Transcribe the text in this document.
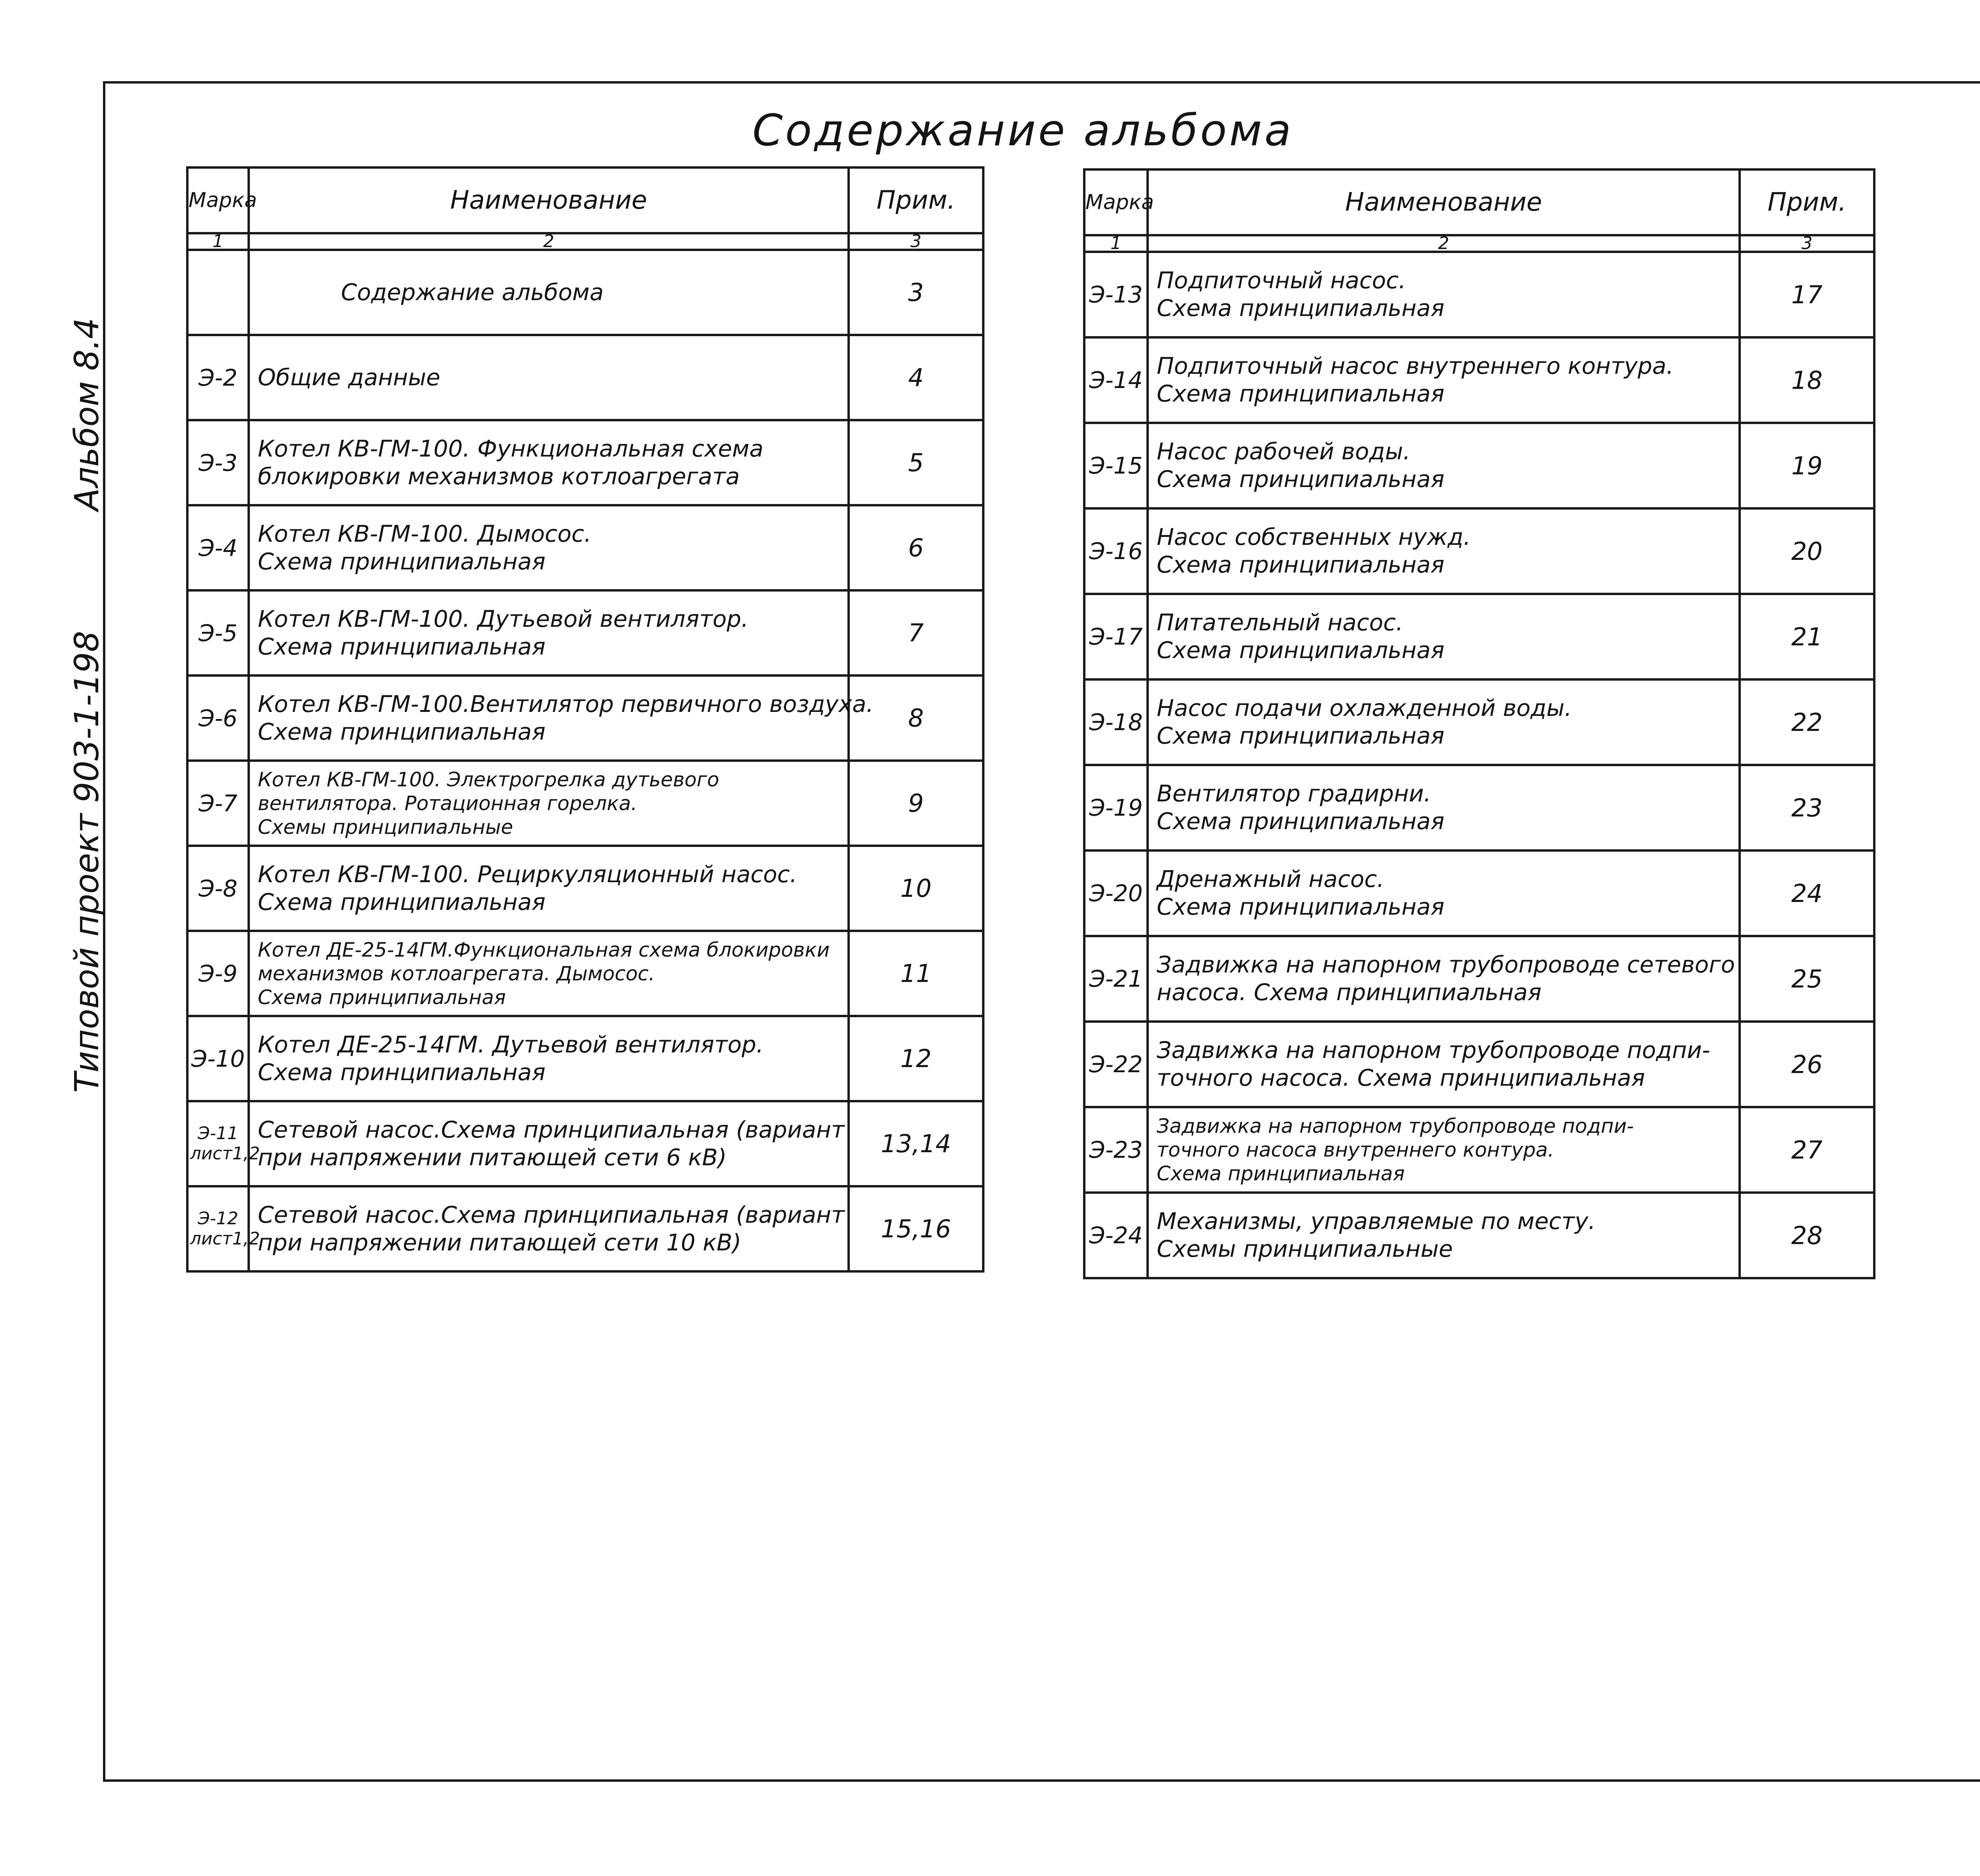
Альбом 8.4
Типовой проект 903-1-198
Содержание альбома
Марка	Наименование	Прим.
1	2	3

	Содержание альбома	3
Э-2	Общие данные	4
Э-3	Котел КВ-ГМ-100. Функциональная схема
блокировки механизмов котлоагрегата	5
Э-4	Котел КВ-ГМ-100. Дымосос.
Схема принципиальная	6
Э-5	Котел КВ-ГМ-100. Дутьевой вентилятор.
Схема принципиальная	7
Э-6	Котел КВ-ГМ-100.Вентилятор первичного воздуха.
Схема принципиальная	8
Э-7	Котел КВ-ГМ-100. Электрогрелка дутьевого
вентилятора. Ротационная горелка.
Схемы принципиальные	9
Э-8	Котел КВ-ГМ-100. Рециркуляционный насос.
Схема принципиальная	10
Э-9	Котел ДЕ-25-14ГМ.Функциональная схема блокировки
механизмов котлоагрегата. Дымосос.
Схема принципиальная	11
Э-10	Котел ДЕ-25-14ГМ. Дутьевой вентилятор.
Схема принципиальная	12
Э-11 лист1,2	Сетевой насос.Схема принципиальная (вариант
при напряжении питающей сети 6 кВ)	13,14
Э-12 лист1,2	Сетевой насос.Схема принципиальная (вариант
при напряжении питающей сети 10 кВ)	15,16
Марка	Наименование	Прим.
1	2	3
Э-13	Подпиточный насос.
Схема принципиальная	17
Э-14	Подпиточный насос внутреннего контура.
Схема принципиальная	18
Э-15	Насос рабочей воды.
Схема принципиальная	19
Э-16	Насос собственных нужд.
Схема принципиальная	20
Э-17	Питательный насос.
Схема принципиальная	21
Э-18	Насос подачи охлажденной воды.
Схема принципиальная	22
Э-19	Вентилятор градирни.
Схема принципиальная	23
Э-20	Дренажный насос.
Схема принципиальная	24
Э-21	Задвижка на напорном трубопроводе сетевого
насоса. Схема принципиальная	25
Э-22	Задвижка на напорном трубопроводе подпи-
точного насоса. Схема принципиальная	26
Э-23	Задвижка на напорном трубопроводе подпи-
точного насоса внутреннего контура.
Схема принципиальная	27
Э-24	Механизмы, управляемые по месту.
Схемы принципиальные	28
